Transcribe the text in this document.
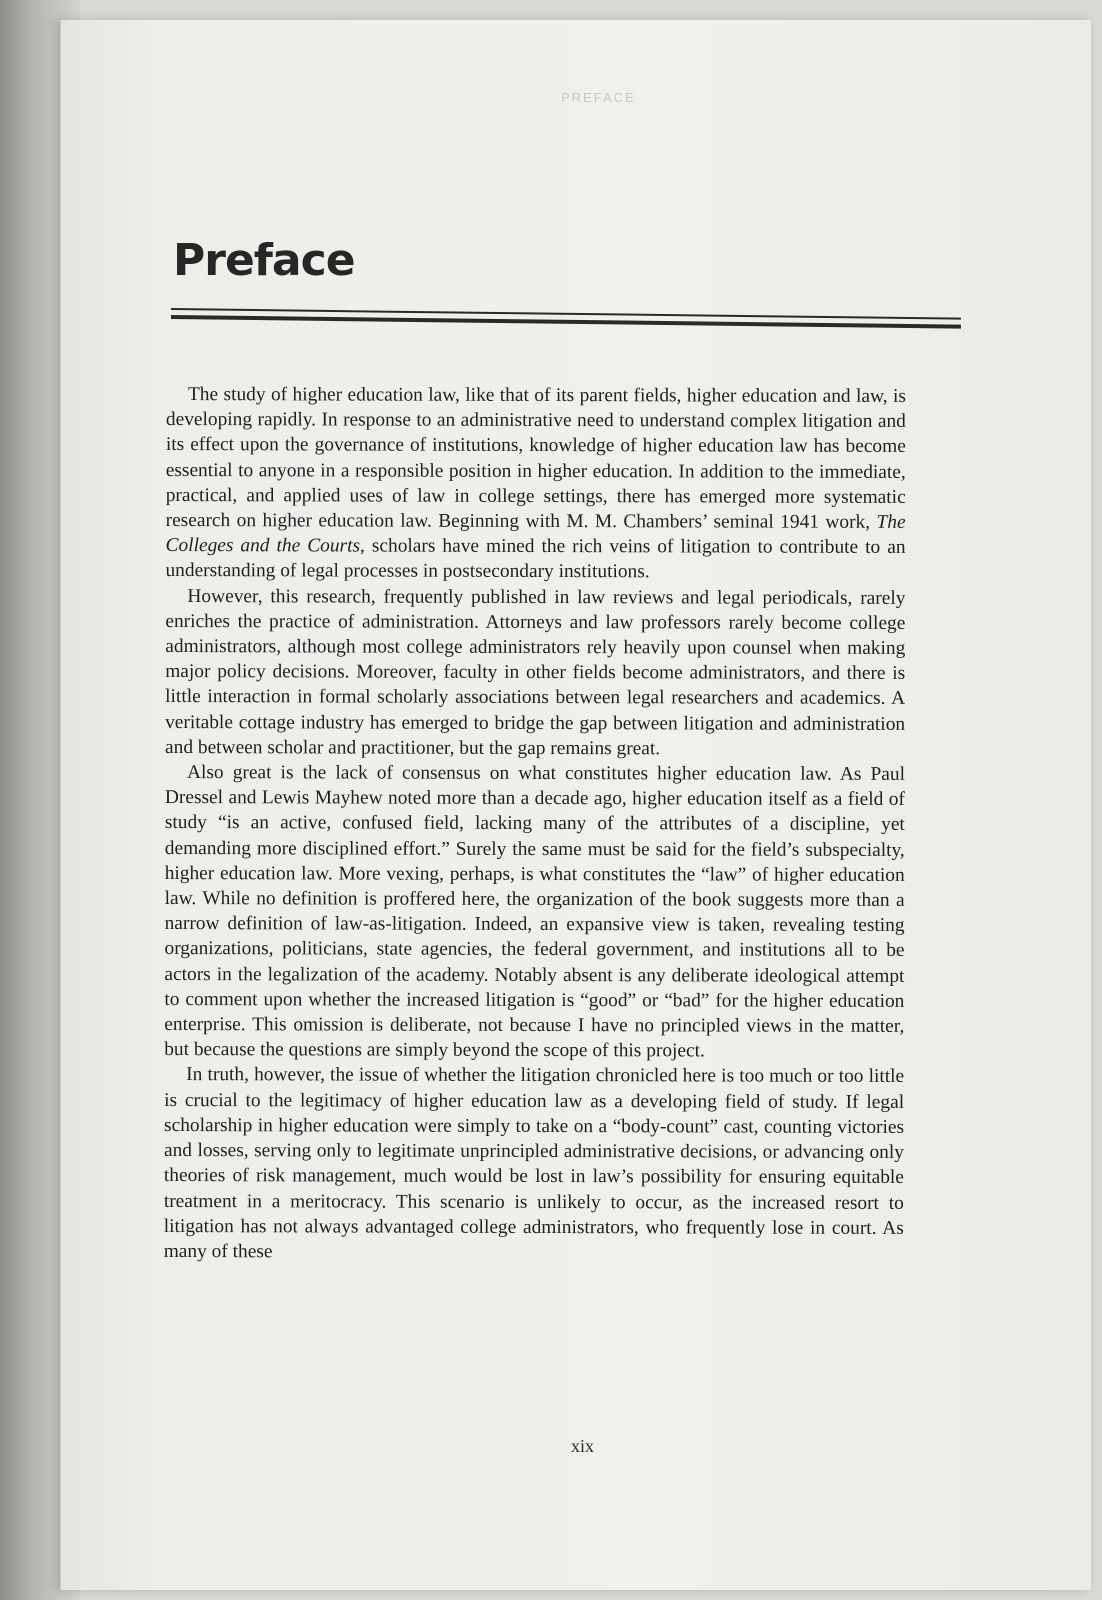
PREFACE
Preface

The study of higher education law, like that of its parent fields, higher education and law, is developing rapidly. In response to an administrative need to understand complex litigation and its effect upon the governance of institutions, knowledge of higher education law has become essential to anyone in a responsible position in higher education. In addition to the immediate, practical, and applied uses of law in college settings, there has emerged more systematic research on higher education law. Beginning with M. M. Chambers’ seminal 1941 work, The Colleges and the Courts, scholars have mined the rich veins of litigation to contribute to an understanding of legal processes in postsecondary institutions.

However, this research, frequently published in law reviews and legal periodicals, rarely enriches the practice of administration. Attorneys and law professors rarely become college administrators, although most college administrators rely heavily upon counsel when making major policy decisions. Moreover, faculty in other fields become administrators, and there is little interaction in formal scholarly associations between legal researchers and academics. A veritable cottage industry has emerged to bridge the gap between litigation and administration and between scholar and practitioner, but the gap remains great.

Also great is the lack of consensus on what constitutes higher education law. As Paul Dressel and Lewis Mayhew noted more than a decade ago, higher education itself as a field of study “is an active, confused field, lacking many of the attributes of a discipline, yet demanding more disciplined effort.” Surely the same must be said for the field’s subspecialty, higher education law. More vexing, perhaps, is what constitutes the “law” of higher education law. While no definition is proffered here, the organization of the book suggests more than a narrow definition of law-as-litigation. Indeed, an expansive view is taken, revealing testing organizations, politicians, state agencies, the federal government, and institutions all to be actors in the legalization of the academy. Notably absent is any deliberate ideological attempt to comment upon whether the increased litigation is “good” or “bad” for the higher education enterprise. This omission is deliberate, not because I have no principled views in the matter, but because the questions are simply beyond the scope of this project.

In truth, however, the issue of whether the litigation chronicled here is too much or too little is crucial to the legitimacy of higher education law as a developing field of study. If legal scholarship in higher education were simply to take on a “body-count” cast, counting victories and losses, serving only to legitimate unprincipled administrative decisions, or advancing only theories of risk management, much would be lost in law’s possibility for ensuring equitable treatment in a meritocracy. This scenario is unlikely to occur, as the increased resort to litigation has not always advantaged college administrators, who frequently lose in court. As many of these

xix
